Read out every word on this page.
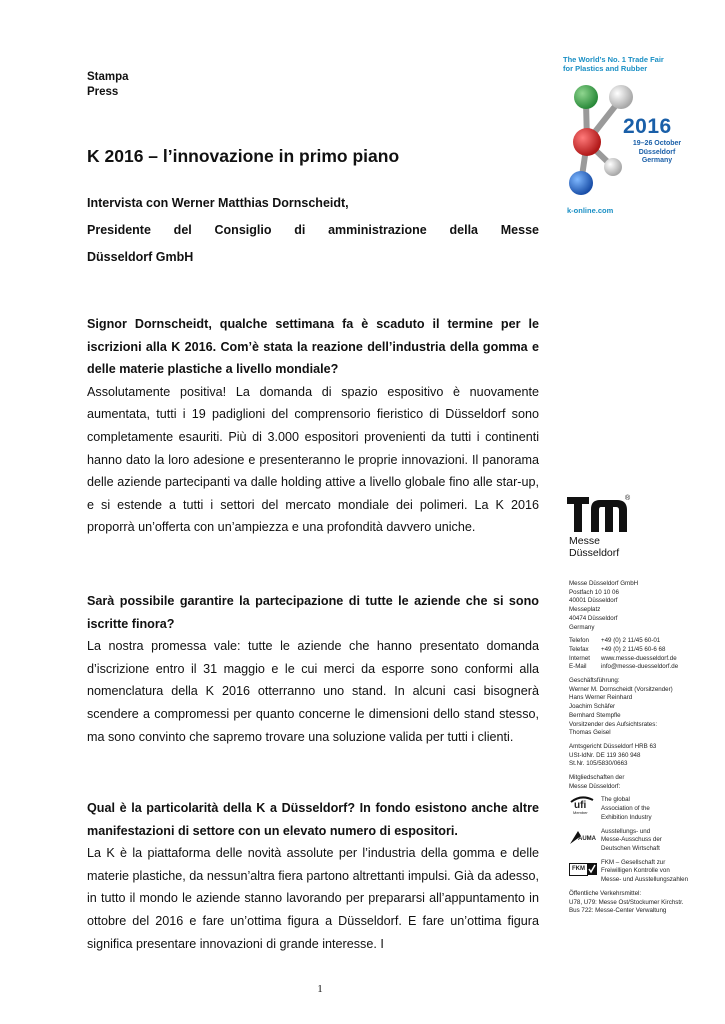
Stampa
Press
K 2016 – l’innovazione in primo piano

Intervista con Werner Matthias Dornscheidt,

Presidente del Consiglio di amministrazione della Messe

Düsseldorf GmbH

Signor Dornscheidt, qualche settimana fa è scaduto il termine per le iscrizioni alla K 2016. Com’è stata la reazione dell’industria della gomma e delle materie plastiche a livello mondiale?

Assolutamente positiva! La domanda di spazio espositivo è nuovamente aumentata, tutti i 19 padiglioni del comprensorio fieristico di Düsseldorf sono completamente esauriti. Più di 3.000 espositori provenienti da tutti i continenti hanno dato la loro adesione e presenteranno le proprie innovazioni. Il panorama delle aziende partecipanti va dalle holding attive a livello globale fino alle star-up, e si estende a tutti i settori del mercato mondiale dei polimeri. La K 2016 proporrà un’offerta con un’ampiezza e una profondità davvero uniche.

Sarà possibile garantire la partecipazione di tutte le aziende che si sono iscritte finora?

La nostra promessa vale: tutte le aziende che hanno presentato domanda d’iscrizione entro il 31 maggio e le cui merci da esporre sono conformi alla nomenclatura della K 2016 otterranno uno stand. In alcuni casi bisognerà scendere a compromessi per quanto concerne le dimensioni dello stand stesso, ma sono convinto che sapremo trovare una soluzione valida per tutti i clienti.

Qual è la particolarità della K a Düsseldorf? In fondo esistono anche altre manifestazioni di settore con un elevato numero di espositori.

La K è la piattaforma delle novità assolute per l’industria della gomma e delle materie plastiche, da nessun’altra fiera partono altrettanti impulsi. Già da adesso, in tutto il mondo le aziende stanno lavorando per prepararsi all’appuntamento in ottobre del 2016 e fare un’ottima figura a Düsseldorf. E fare un’ottima figura significa presentare innovazioni di grande interesse. I

The World’s No. 1 Trade Fair
for Plastics and Rubber
2016
19–26 October
Düsseldorf
Germany
k-online.com
®
Messe
Düsseldorf
Messe Düsseldorf GmbH
Postfach 10 10 06
40001 Düsseldorf
Messeplatz
40474 Düsseldorf
Germany
Telefon	+49 (0) 2 11/45 60-01
Telefax	+49 (0) 2 11/45 60-6 68
Internet	www.messe-duesseldorf.de
E-Mail	info@messe-duesseldorf.de
Geschäftsführung:
Werner M. Dornscheidt (Vorsitzender)
Hans Werner Reinhard
Joachim Schäfer
Bernhard Stempfle
Vorsitzender des Aufsichtsrates:
Thomas Geisel
Amtsgericht Düsseldorf HRB 63
USt-IdNr. DE 119 360 948
St.Nr. 105/5830/0663
Mitgliedschaften der
Messe Düsseldorf:
ufi
Member
The global
Association of the
Exhibition Industry
AUMA
Ausstellungs- und
Messe-Ausschuss der
Deutschen Wirtschaft
FKM
FKM – Gesellschaft zur
Freiwilligen Kontrolle von
Messe- und Ausstellungszahlen
Öffentliche Verkehrsmittel:
U78, U79: Messe Ost/Stockumer Kirchstr.
Bus 722: Messe-Center Verwaltung
1
